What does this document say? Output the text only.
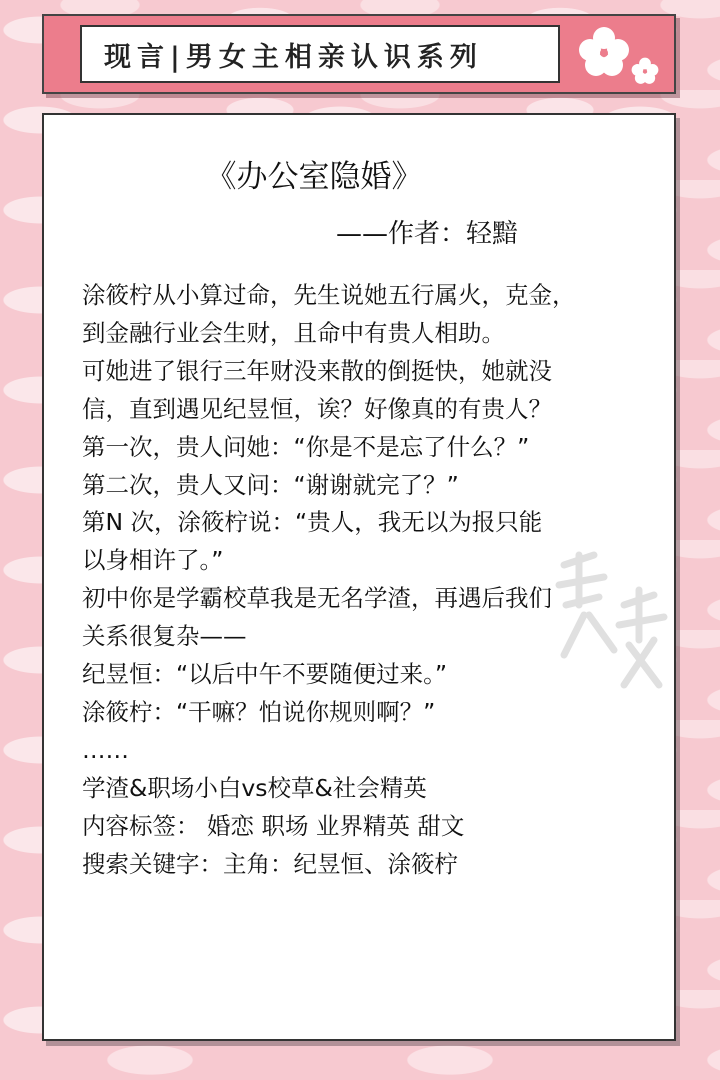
现言|男女主相亲认识系列
《办公室隐婚》
——作者：轻黯
涂筱柠从小算过命，先生说她五行属火，克金，
到金融行业会生财，且命中有贵人相助。
可她进了银行三年财没来散的倒挺快，她就没
信，直到遇见纪昱恒，诶？好像真的有贵人？
第一次，贵人问她：“你是不是忘了什么？”
第二次，贵人又问：“谢谢就完了？”
第N 次，涂筱柠说：“贵人，我无以为报只能
以身相许了。”
初中你是学霸校草我是无名学渣，再遇后我们
关系很复杂——
纪昱恒：“以后中午不要随便过来。”
涂筱柠：“干嘛？怕说你规则啊？”
……
学渣&职场小白vs校草&社会精英
内容标签： 婚恋 职场 业界精英 甜文
搜索关键字：主角：纪昱恒、涂筱柠
